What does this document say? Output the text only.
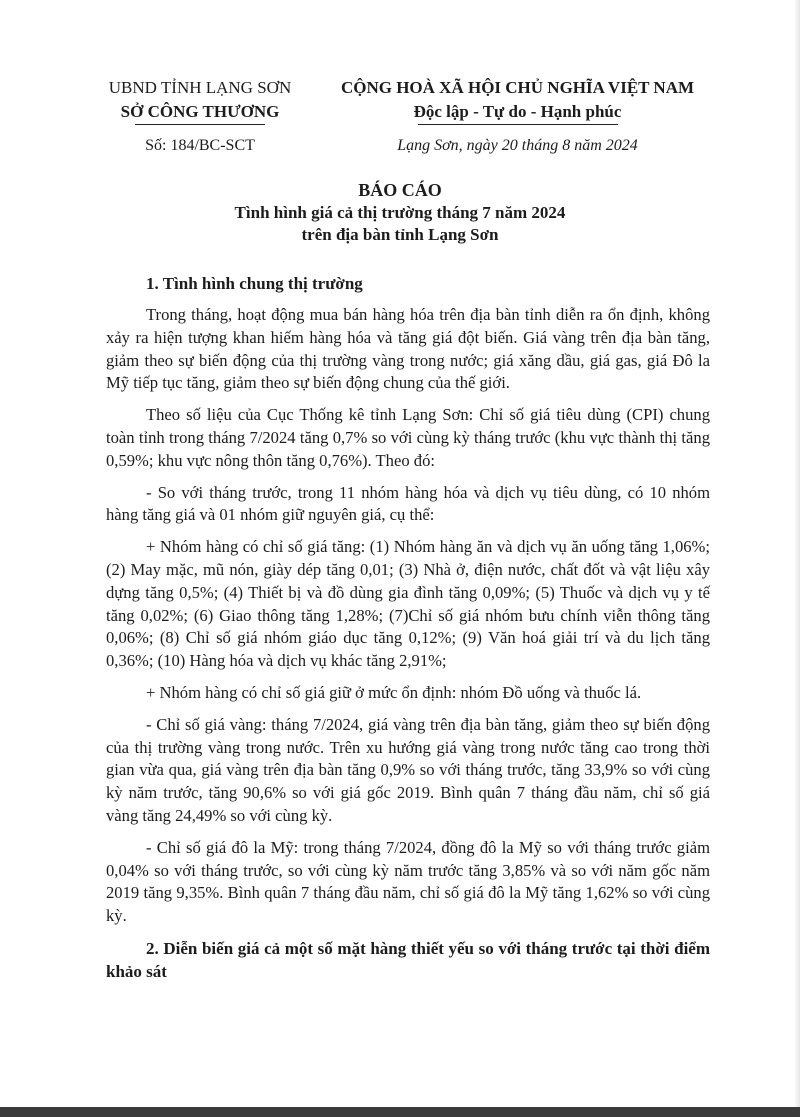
UBND TỈNH LẠNG SƠN
SỞ CÔNG THƯƠNG
Số: 184/BC-SCT
CỘNG HOÀ XÃ HỘI CHỦ NGHĨA VIỆT NAM
Độc lập - Tự do - Hạnh phúc
Lạng Sơn, ngày 20 tháng 8 năm 2024
BÁO CÁO
Tình hình giá cả thị trường tháng 7 năm 2024
trên địa bàn tỉnh Lạng Sơn
1. Tình hình chung thị trường

Trong tháng, hoạt động mua bán hàng hóa trên địa bàn tỉnh diễn ra ổn định, không xảy ra hiện tượng khan hiếm hàng hóa và tăng giá đột biến. Giá vàng trên địa bàn tăng, giảm theo sự biến động của thị trường vàng trong nước; giá xăng dầu, giá gas, giá Đô la Mỹ tiếp tục tăng, giảm theo sự biến động chung của thế giới.

Theo số liệu của Cục Thống kê tỉnh Lạng Sơn: Chỉ số giá tiêu dùng (CPI) chung toàn tỉnh trong tháng 7/2024 tăng 0,7% so với cùng kỳ tháng trước (khu vực thành thị tăng 0,59%; khu vực nông thôn tăng 0,76%). Theo đó:

- So với tháng trước, trong 11 nhóm hàng hóa và dịch vụ tiêu dùng, có 10 nhóm hàng tăng giá và 01 nhóm giữ nguyên giá, cụ thể:

+ Nhóm hàng có chỉ số giá tăng: (1) Nhóm hàng ăn và dịch vụ ăn uống tăng 1,06%; (2) May mặc, mũ nón, giày dép tăng 0,01; (3) Nhà ở, điện nước, chất đốt và vật liệu xây dựng tăng 0,5%; (4) Thiết bị và đồ dùng gia đình tăng 0,09%; (5) Thuốc và dịch vụ y tế tăng 0,02%; (6) Giao thông tăng 1,28%; (7)Chỉ số giá nhóm bưu chính viễn thông tăng 0,06%; (8) Chỉ số giá nhóm giáo dục tăng 0,12%; (9) Văn hoá giải trí và du lịch tăng 0,36%; (10) Hàng hóa và dịch vụ khác tăng 2,91%;

+ Nhóm hàng có chỉ số giá giữ ở mức ổn định: nhóm Đồ uống và thuốc lá.

- Chỉ số giá vàng: tháng 7/2024, giá vàng trên địa bàn tăng, giảm theo sự biến động của thị trường vàng trong nước. Trên xu hướng giá vàng trong nước tăng cao trong thời gian vừa qua, giá vàng trên địa bàn tăng 0,9% so với tháng trước, tăng 33,9% so với cùng kỳ năm trước, tăng 90,6% so với giá gốc 2019. Bình quân 7 tháng đầu năm, chỉ số giá vàng tăng 24,49% so với cùng kỳ.

- Chỉ số giá đô la Mỹ: trong tháng 7/2024, đồng đô la Mỹ so với tháng trước giảm 0,04% so với tháng trước, so với cùng kỳ năm trước tăng 3,85% và so với năm gốc năm 2019 tăng 9,35%. Bình quân 7 tháng đầu năm, chỉ số giá đô la Mỹ tăng 1,62% so với cùng kỳ.

2. Diễn biến giá cả một số mặt hàng thiết yếu so với tháng trước tại thời điểm khảo sát
